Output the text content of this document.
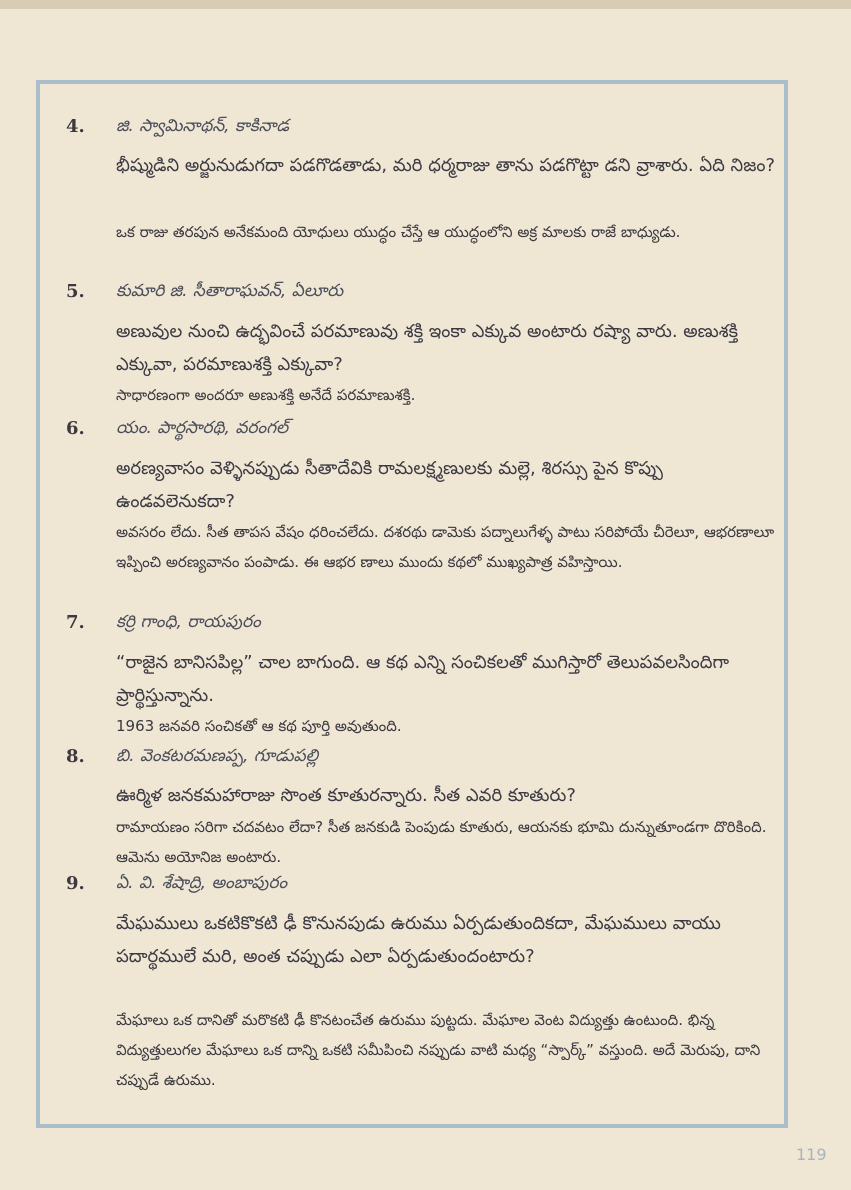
4. జి. స్వామినాథన్, కాకినాడ
భీష్ముడిని అర్జునుడుగదా పడగొడతాడు, మరి ధర్మరాజు తాను పడగొట్టా డని వ్రాశారు. ఏది నిజం?
ఒక రాజు తరపున అనేకమంది యోధులు యుద్ధం చేస్తే ఆ యుద్ధంలోని అక్ర మాలకు రాజే బాధ్యుడు.
5. కుమారి జి. సీతారాఘవన్, ఏలూరు
అణువుల నుంచి ఉద్భవించే పరమాణువు శక్తి ఇంకా ఎక్కువ అంటారు రష్యా వారు. అణుశక్తి ఎక్కువా, పరమాణుశక్తి ఎక్కువా?
సాధారణంగా అందరూ అణుశక్తి అనేదే పరమాణుశక్తి.
6. యం. పార్థసారథి, వరంగల్
అరణ్యవాసం వెళ్ళినప్పుడు సీతాదేవికి రామలక్ష్మణులకు మల్లె, శిరస్సు పైన కొప్పు ఉండవలెనుకదా?
అవసరం లేదు. సీత తాపస వేషం ధరించలేదు. దశరథు డామెకు పద్నాలుగేళ్ళ పాటు సరిపోయే చీరెలూ, ఆభరణాలూ ఇప్పించి అరణ్యవానం పంపాడు. ఈ ఆభర ణాలు ముందు కథలో ముఖ్యపాత్ర వహిస్తాయి.
7. కర్రి గాంధి, రాయపురం
“రాజైన బానిసపిల్ల” చాల బాగుంది. ఆ కథ ఎన్ని సంచికలతో ముగిస్తారో తెలుపవలసిందిగా ప్రార్థిస్తున్నాను.
1963 జనవరి సంచికతో ఆ కథ పూర్తి అవుతుంది.
8. బి. వెంకటరమణప్ప, గూడుపల్లి
ఊర్మిళ జనకమహారాజు సొంత కూతురన్నారు. సీత ఎవరి కూతురు?
రామాయణం సరిగా చదవటం లేదా? సీత జనకుడి పెంపుడు కూతురు, ఆయనకు భూమి దున్నుతూండగా దొరికింది. ఆమెను అయోనిజ అంటారు.
9. ఏ. వి. శేషాద్రి, అంబాపురం
మేఘములు ఒకటికొకటి ఢీ కొనునపుడు ఉరుము ఏర్పడుతుందికదా, మేఘములు వాయు పదార్థములే మరి, అంత చప్పుడు ఎలా ఏర్పడుతుందంటారు?
మేఘాలు ఒక దానితో మరొకటి ఢీ కొనటంచేత ఉరుము పుట్టదు. మేఘాల వెంట విద్యుత్తు ఉంటుంది. భిన్న విద్యుత్తులుగల మేఘాలు ఒక దాన్ని ఒకటి సమీపించి నప్పుడు వాటి మధ్య “స్పార్క్” వస్తుంది. అదే మెరుపు, దాని చప్పుడే ఉరుము.
119
